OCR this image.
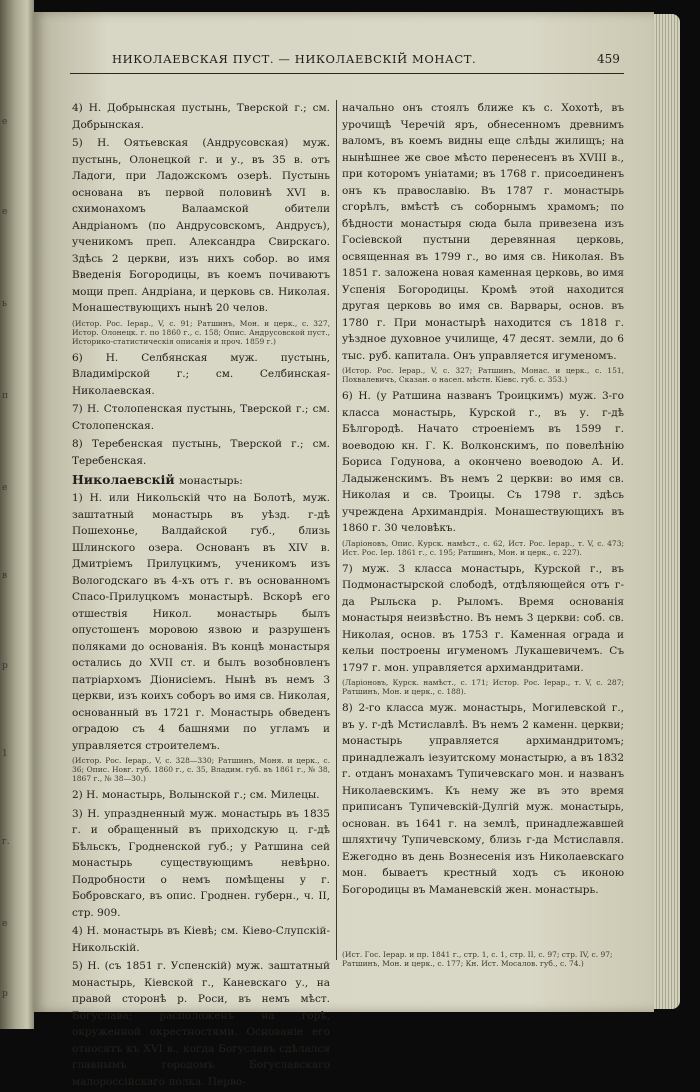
е
е
ь
п
е
в
р
1
г.
е
р
НИКОЛАЕВСКАЯ ПУСТ. — НИКОЛАЕВСКІЙ МОНАСТ.	459

4) Н. Добрынская пустынь, Тверской г.; см. Добрынская.

5) Н. Оятьевская (Андрусовская) муж. пустынь, Олонецкой г. и у., въ 35 в. отъ Ладоги, при Ладожскомъ озерѣ. Пустынь основана въ первой половинѣ XVI в. схимонахомъ Валаамской обители Андріаномъ (по Андрусовскомъ, Андрусъ), ученикомъ преп. Александра Свирскаго. Здѣсь 2 церкви, изъ нихъ собор. во имя Введенія Богородицы, въ коемъ почиваютъ мощи преп. Андріана, и церковь св. Николая. Монашествующихъ нынѣ 20 челов.

(Истор. Рос. Іерар., V, с. 91; Ратшинъ, Мон. и церк., с. 327, Истор. Олонецк. г. по 1860 г., с. 158; Опис. Андрусовской пуст., Историко-статистическія описанія и проч. 1859 г.)

6) Н. Селбянская муж. пустынь, Владимірской г.; см. Селбинская-Николаевская.

7) Н. Столопенская пустынь, Тверской г.; см. Столопенская.

8) Теребенская пустынь, Тверской г.; см. Теребенская.

Николаевскій монастырь:

1) Н. или Никольскій что на Болотѣ, муж. заштатный монастырь въ уѣзд. г-дѣ Пошехонье, Валдайской губ., близь Шлинского озера. Основанъ въ XIV в. Дмитріемъ Прилуцкимъ, ученикомъ изъ Вологодскаго въ 4-хъ отъ г. въ основанномъ Спасо-Прилуцкомъ монастырѣ. Вскорѣ его отшествія Никол. монастырь былъ опустошенъ моровою язвою и разрушенъ поляками до основанія. Въ концѣ монастыря остались до XVII ст. и былъ возобновленъ патріархомъ Діонисіемъ. Нынѣ въ немъ 3 церкви, изъ коихъ соборъ во имя св. Николая, основанный въ 1721 г. Монастырь обведенъ оградою съ 4 башнями по угламъ и управляется строителемъ.

(Истор. Рос. Іерар., V, с. 328—330; Ратшинъ, Моня. и церк., с. 36; Опис. Новг. губ. 1860 г., с. 35, Владим. губ. въ 1861 г., № 38, 1867 г., № 38—30.)

2) Н. монастырь, Волынской г.; см. Милецы.

3) Н. упраздненный муж. монастырь въ 1835 г. и обращенный въ приходскую ц. г-дѣ Бѣльскъ, Гродненской губ.; у Ратшина сей монастырь существующимъ невѣрно. Подробности о немъ помѣщены у г. Бобровскаго, въ опис. Гроднен. губерн., ч. II, стр. 909.

4) Н. монастырь въ Кіевѣ; см. Кіево-Слупскій-Никольскій.

5) Н. (съ 1851 г. Успенскій) муж. заштатный монастырь, Кіевской г., Каневскаго у., на правой сторонѣ р. Роси, въ немъ мѣст. Богуслава; расположенъ на горѣ, окруженной окрестностями. Основаніе его относятъ къ XVI в., когда Богуславъ сдѣлался главнымъ городомъ Богуславскаго малороссійскаго полка. Перво-

начально онъ стоялъ ближе къ с. Хохотѣ, въ урочищѣ Черечій яръ, обнесенномъ древнимъ валомъ, въ коемъ видны еще слѣды жилищъ; на нынѣшнее же свое мѣсто перенесенъ въ XVIII в., при которомъ уніатами; въ 1768 г. присоединенъ онъ къ православію. Въ 1787 г. монастырь сгорѣлъ, вмѣстѣ съ соборнымъ храмомъ; по бѣдности монастыря сюда была привезена изъ Госіевской пустыни деревянная церковь, освященная въ 1799 г., во имя св. Николая. Въ 1851 г. заложена новая каменная церковь, во имя Успенія Богородицы. Кромѣ этой находится другая церковь во имя св. Варвары, основ. въ 1780 г. При монастырѣ находится съ 1818 г. уѣздное духовное училище, 47 десят. земли, до 6 тыс. руб. капитала. Онъ управляется игуменомъ.

(Истор. Рос. Іерар., V, с. 327; Ратшинъ, Монас. и церк., с. 151, Похвалевичъ, Сказан. о насел. мѣстн. Кіевс. губ. с. 353.)

6) Н. (у Ратшина названъ Троицкимъ) муж. 3-го класса монастырь, Курской г., въ у. г-дѣ Бѣлгородѣ. Начато строеніемъ въ 1599 г. воеводою кн. Г. К. Волконскимъ, по повелѣнію Бориса Годунова, а окончено воеводою А. И. Ладыженскимъ. Въ немъ 2 церкви: во имя св. Николая и св. Троицы. Съ 1798 г. здѣсь учреждена Архимандрія. Монашествующихъ въ 1860 г. 30 человѣкъ.

(Ларіоновъ, Опис. Курск. намѣст., с. 62, Ист. Рос. Іерар., т. V, с. 473; Ист. Рос. Іер. 1861 г., с. 195; Ратшинъ, Мон. и церк., с. 227).

7) муж. 3 класса монастырь, Курской г., въ Подмонастырской слободѣ, отдѣляющейся отъ г-да Рыльска р. Рыломъ. Время основанія монастыря неизвѣстно. Въ немъ 3 церкви: соб. св. Николая, основ. въ 1753 г. Каменная ограда и кельи построены игуменомъ Лукашевичемъ. Съ 1797 г. мон. управляется архимандритами.

(Ларіоновъ, Курск. намѣст., с. 171; Истор. Рос. Іерар., т. V, с. 287; Ратшинъ, Мон. и церк., с. 188).

8) 2-го класса муж. монастырь, Могилевской г., въ у. г-дѣ Мстиславлѣ. Въ немъ 2 каменн. церкви; монастырь управляется архимандритомъ; принадлежалъ іезуитскому монастырю, а въ 1832 г. отданъ монахамъ Тупичевскаго мон. и названъ Николаевскимъ. Къ нему же въ это время приписанъ Тупичевскій-Дулгій муж. монастырь, основан. въ 1641 г. на землѣ, принадлежавшей шляхтичу Тупичевскому, близь г-да Мстиславля. Ежегодно въ день Вознесенія изъ Николаевскаго мон. бываетъ крестный ходъ съ иконою Богородицы въ Маманевскій жен. монастырь.

(Ист. Гос. Іерар. и пр. 1841 г., стр. 1, с. 1, стр. II, с. 97; стр. IV, с. 97; Ратшинъ, Мон. и церк., с. 177; Кн. Ист. Мосалов. губ., с. 74.)
